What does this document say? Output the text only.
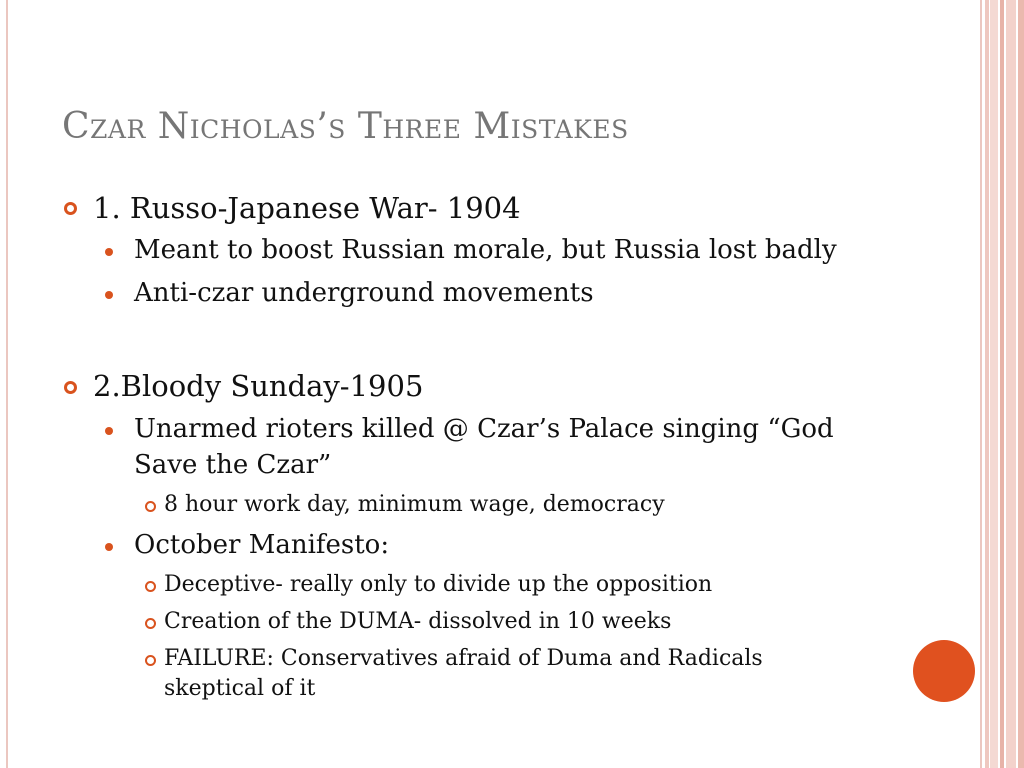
Czar Nicholas’s Three Mistakes
1. Russo-Japanese War- 1904
Meant to boost Russian morale, but Russia lost badly
Anti-czar underground movements
2.Bloody Sunday-1905
Unarmed rioters killed @ Czar’s Palace singing “God
Save the Czar”
8 hour work day, minimum wage, democracy
October Manifesto:
Deceptive- really only to divide up the opposition
Creation of the DUMA- dissolved in 10 weeks
FAILURE: Conservatives afraid of Duma and Radicals
skeptical of it
